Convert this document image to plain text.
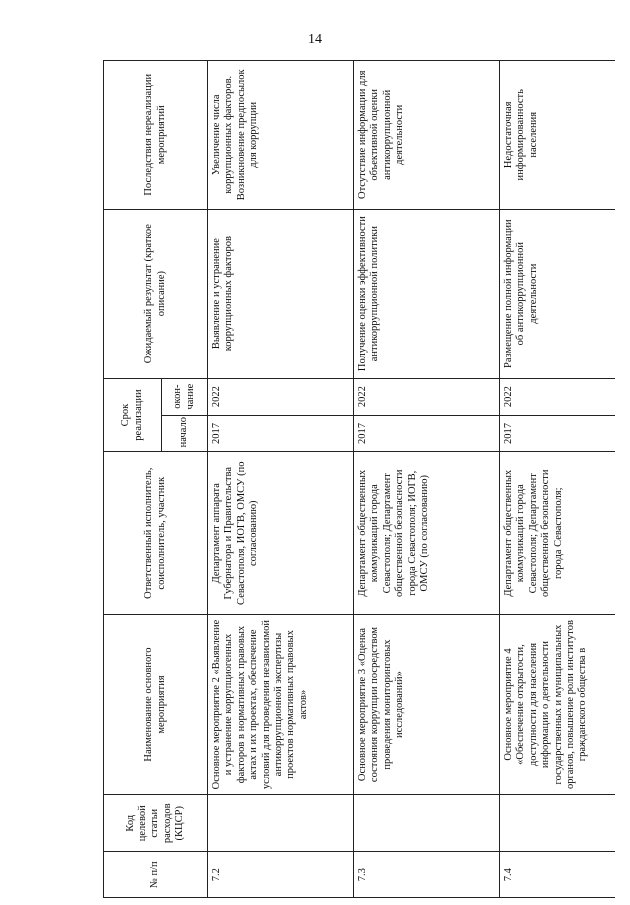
14
№ п/п	Код целевой статьи расходов (КЦСР)	Наименование основного мероприятия	Ответственный исполнитель, соисполнитель, участник	Срок реализации		Ожидаемый результат (краткое описание)	Последствия нереализации мероприятий
				начало	окон-чание		
7.2		Основное мероприятие 2 «Выявление и устранение коррупциогенных факторов в нормативных правовых актах и их проектах, обеспечение условий для проведения независимой антикоррупционной экспертизы проектов нормативных правовых актов»	Департамент аппарата Губернатора и Правительства Севастополя, ИОГВ, ОМСУ (по согласованию)	2017	2022	Выявление и устранение коррупционных факторов	Увеличение числа коррупционных факторов. Возникновение предпосылок для коррупции
7.3		Основное мероприятие 3 «Оценка состояния коррупции посредством проведения мониторинговых исследований»	Департамент общественных коммуникаций города Севастополя; Департамент общественной безопасности города Севастополя; ИОГВ, ОМСУ (по согласованию)	2017	2022	Получение оценки эффективности антикоррупционной политики	Отсутствие информации для объективной оценки антикоррупционной деятельности
7.4		Основное мероприятие 4 «Обеспечение открытости, доступности для населения информации о деятельности государственных и муниципальных органов, повышение роли институтов гражданского общества в	Департамент общественных коммуникаций города Севастополя; Департамент общественной безопасности города Севастополя;	2017	2022	Размещение полной информации об антикоррупционной деятельности	Недостаточная информированность населения
